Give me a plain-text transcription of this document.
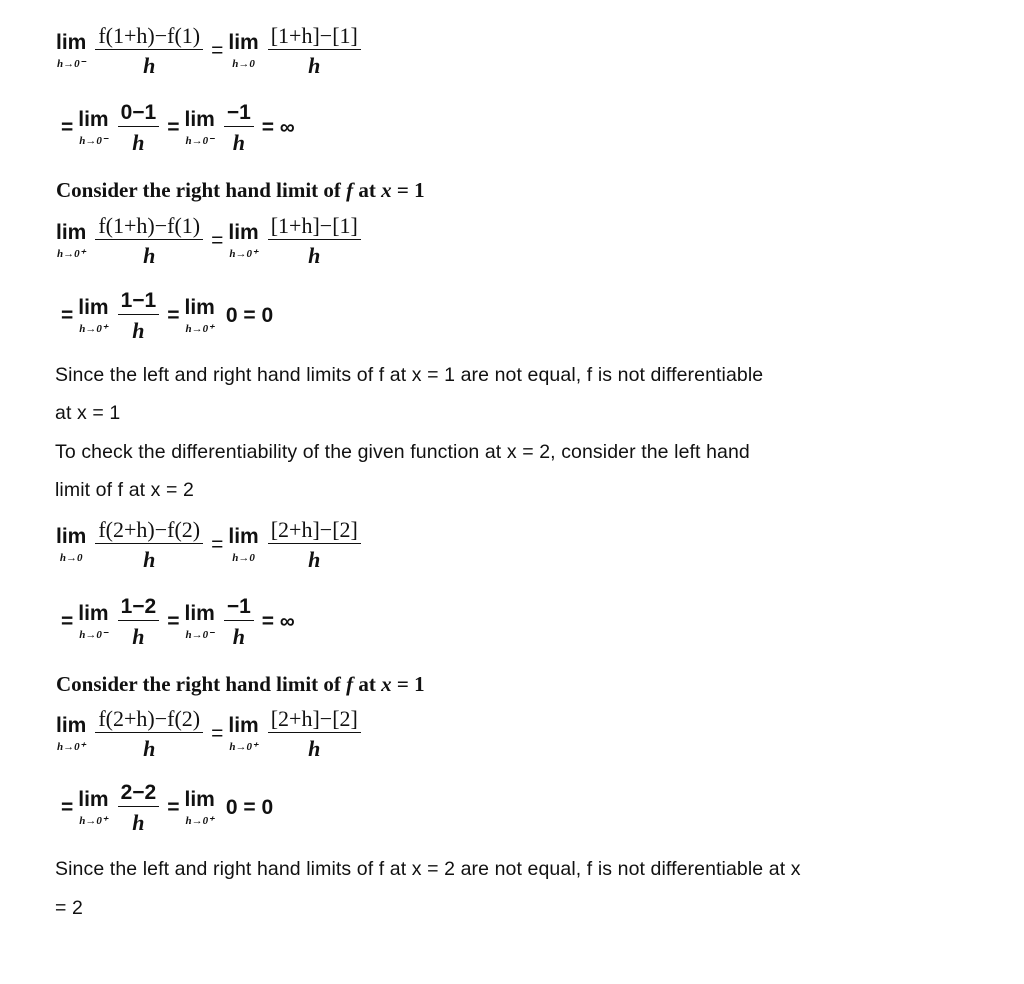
lim
$h\to 0^- \frac{f(1+h)-f(1)}{h} = \lim$
$h\to 0 \frac{[1+h]-[1]}{h}$
= lim
$h\to 0^- \frac{0-1}{h} = \lim$
$h\to 0^- \frac{-1}{h}$ = ∞
Consider the right hand limit of f at x = 1
lim
$h\to 0^+ \frac{f(1+h)-f(1)}{h} = \lim$
$h\to 0^+ \frac{[1+h]-[1]}{h}$
= lim
$h\to 0^+ \frac{1-1}{h} = \lim$
h→0⁺
0 = 0
Since the left and right hand limits of f at x = 1 are not equal, f is not differentiable
at x = 1
To check the differentiability of the given function at x = 2, consider the left hand
limit of f at x = 2
lim
$h\to 0 \frac{f(2+h)-f(2)}{h} = \lim$
$h\to 0 \frac{[2+h]-[2]}{h}$
= lim
$h\to 0^- \frac{1-2}{h} = \lim$
$h\to 0^- \frac{-1}{h}$ = ∞
Consider the right hand limit of f at x = 1
lim
$h\to 0^+ \frac{f(2+h)-f(2)}{h} = \lim$
$h\to 0^+ \frac{[2+h]-[2]}{h}$
= lim
$h\to 0^+ \frac{2-2}{h} = \lim$
h→0⁺
0 = 0
Since the left and right hand limits of f at x = 2 are not equal, f is not differentiable at x
= 2
